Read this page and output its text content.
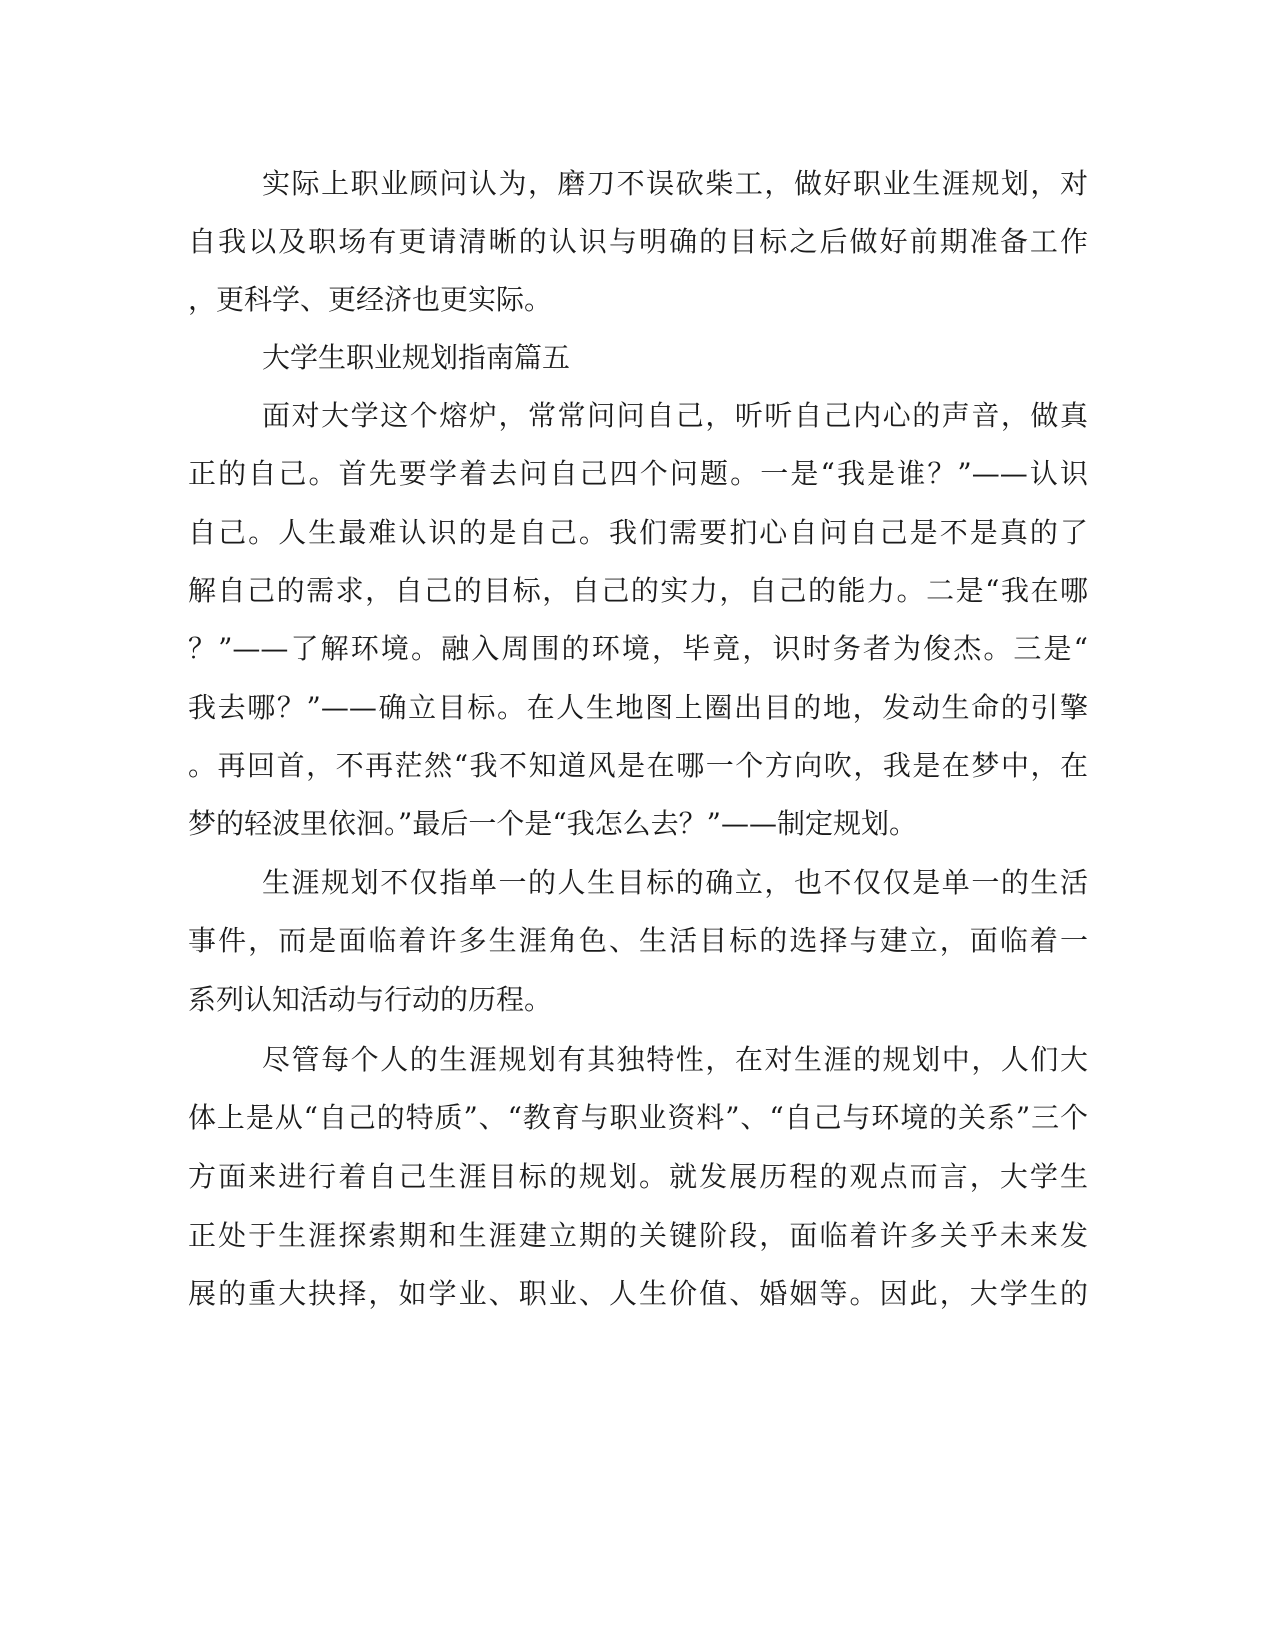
实际上职业顾问认为，磨刀不误砍柴工，做好职业生涯规划，对
自我以及职场有更请清晰的认识与明确的目标之后做好前期准备工作
，更科学、更经济也更实际。
大学生职业规划指南篇五
面对大学这个熔炉，常常问问自己，听听自己内心的声音，做真
正的自己。首先要学着去问自己四个问题。一是“我是谁？”——认识
自己。人生最难认识的是自己。我们需要扪心自问自己是不是真的了
解自己的需求，自己的目标，自己的实力，自己的能力。二是“我在哪
？”——了解环境。融入周围的环境，毕竟，识时务者为俊杰。三是“
我去哪？”——确立目标。在人生地图上圈出目的地，发动生命的引擎
。再回首，不再茫然“我不知道风是在哪一个方向吹，我是在梦中，在
梦的轻波里依洄。”最后一个是“我怎么去？”——制定规划。
生涯规划不仅指单一的人生目标的确立，也不仅仅是单一的生活
事件，而是面临着许多生涯角色、生活目标的选择与建立，面临着一
系列认知活动与行动的历程。
尽管每个人的生涯规划有其独特性，在对生涯的规划中，人们大
体上是从“自己的特质”、“教育与职业资料”、“自己与环境的关系”三个
方面来进行着自己生涯目标的规划。就发展历程的观点而言，大学生
正处于生涯探索期和生涯建立期的关键阶段，面临着许多关乎未来发
展的重大抉择，如学业、职业、人生价值、婚姻等。因此，大学生的
